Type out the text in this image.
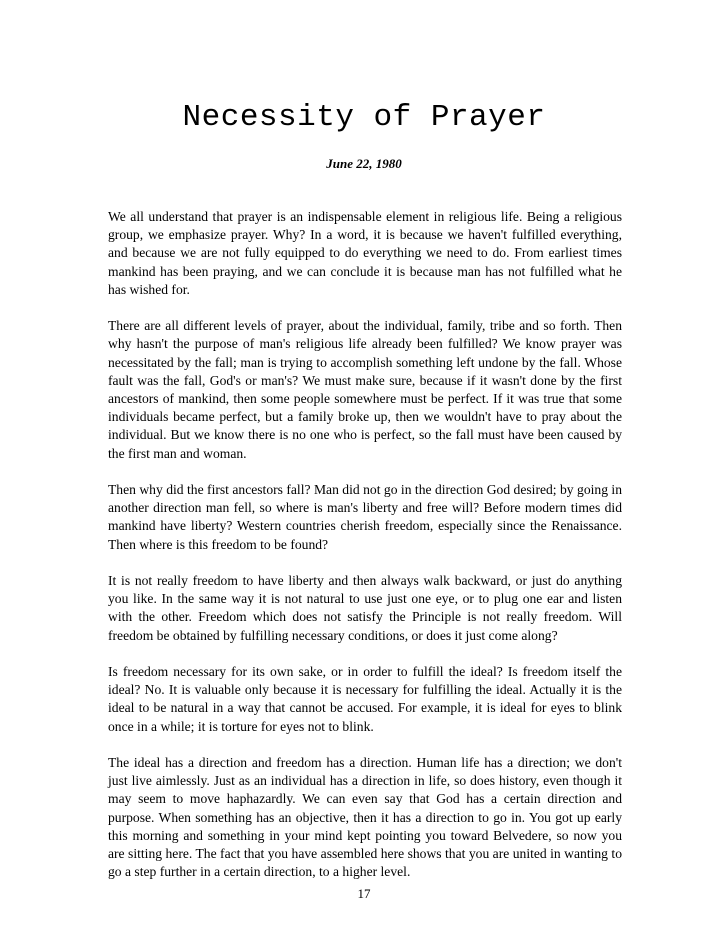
Necessity of Prayer
June 22, 1980

We all understand that prayer is an indispensable element in religious life. Being a religious group, we emphasize prayer. Why? In a word, it is because we haven't fulfilled everything, and because we are not fully equipped to do everything we need to do. From earliest times mankind has been praying, and we can conclude it is because man has not fulfilled what he has wished for.

There are all different levels of prayer, about the individual, family, tribe and so forth. Then why hasn't the purpose of man's religious life already been fulfilled? We know prayer was necessitated by the fall; man is trying to accomplish something left undone by the fall. Whose fault was the fall, God's or man's? We must make sure, because if it wasn't done by the first ancestors of mankind, then some people somewhere must be perfect. If it was true that some individuals became perfect, but a family broke up, then we wouldn't have to pray about the individual. But we know there is no one who is perfect, so the fall must have been caused by the first man and woman.

Then why did the first ancestors fall? Man did not go in the direction God desired; by going in another direction man fell, so where is man's liberty and free will? Before modern times did mankind have liberty? Western countries cherish freedom, especially since the Renaissance. Then where is this freedom to be found?

It is not really freedom to have liberty and then always walk backward, or just do anything you like. In the same way it is not natural to use just one eye, or to plug one ear and listen with the other. Freedom which does not satisfy the Principle is not really freedom. Will freedom be obtained by fulfilling necessary conditions, or does it just come along?

Is freedom necessary for its own sake, or in order to fulfill the ideal? Is freedom itself the ideal? No. It is valuable only because it is necessary for fulfilling the ideal. Actually it is the ideal to be natural in a way that cannot be accused. For example, it is ideal for eyes to blink once in a while; it is torture for eyes not to blink.

The ideal has a direction and freedom has a direction. Human life has a direction; we don't just live aimlessly. Just as an individual has a direction in life, so does history, even though it may seem to move haphazardly. We can even say that God has a certain direction and purpose. When something has an objective, then it has a direction to go in. You got up early this morning and something in your mind kept pointing you toward Belvedere, so now you are sitting here. The fact that you have assembled here shows that you are united in wanting to go a step further in a certain direction, to a higher level.

17
